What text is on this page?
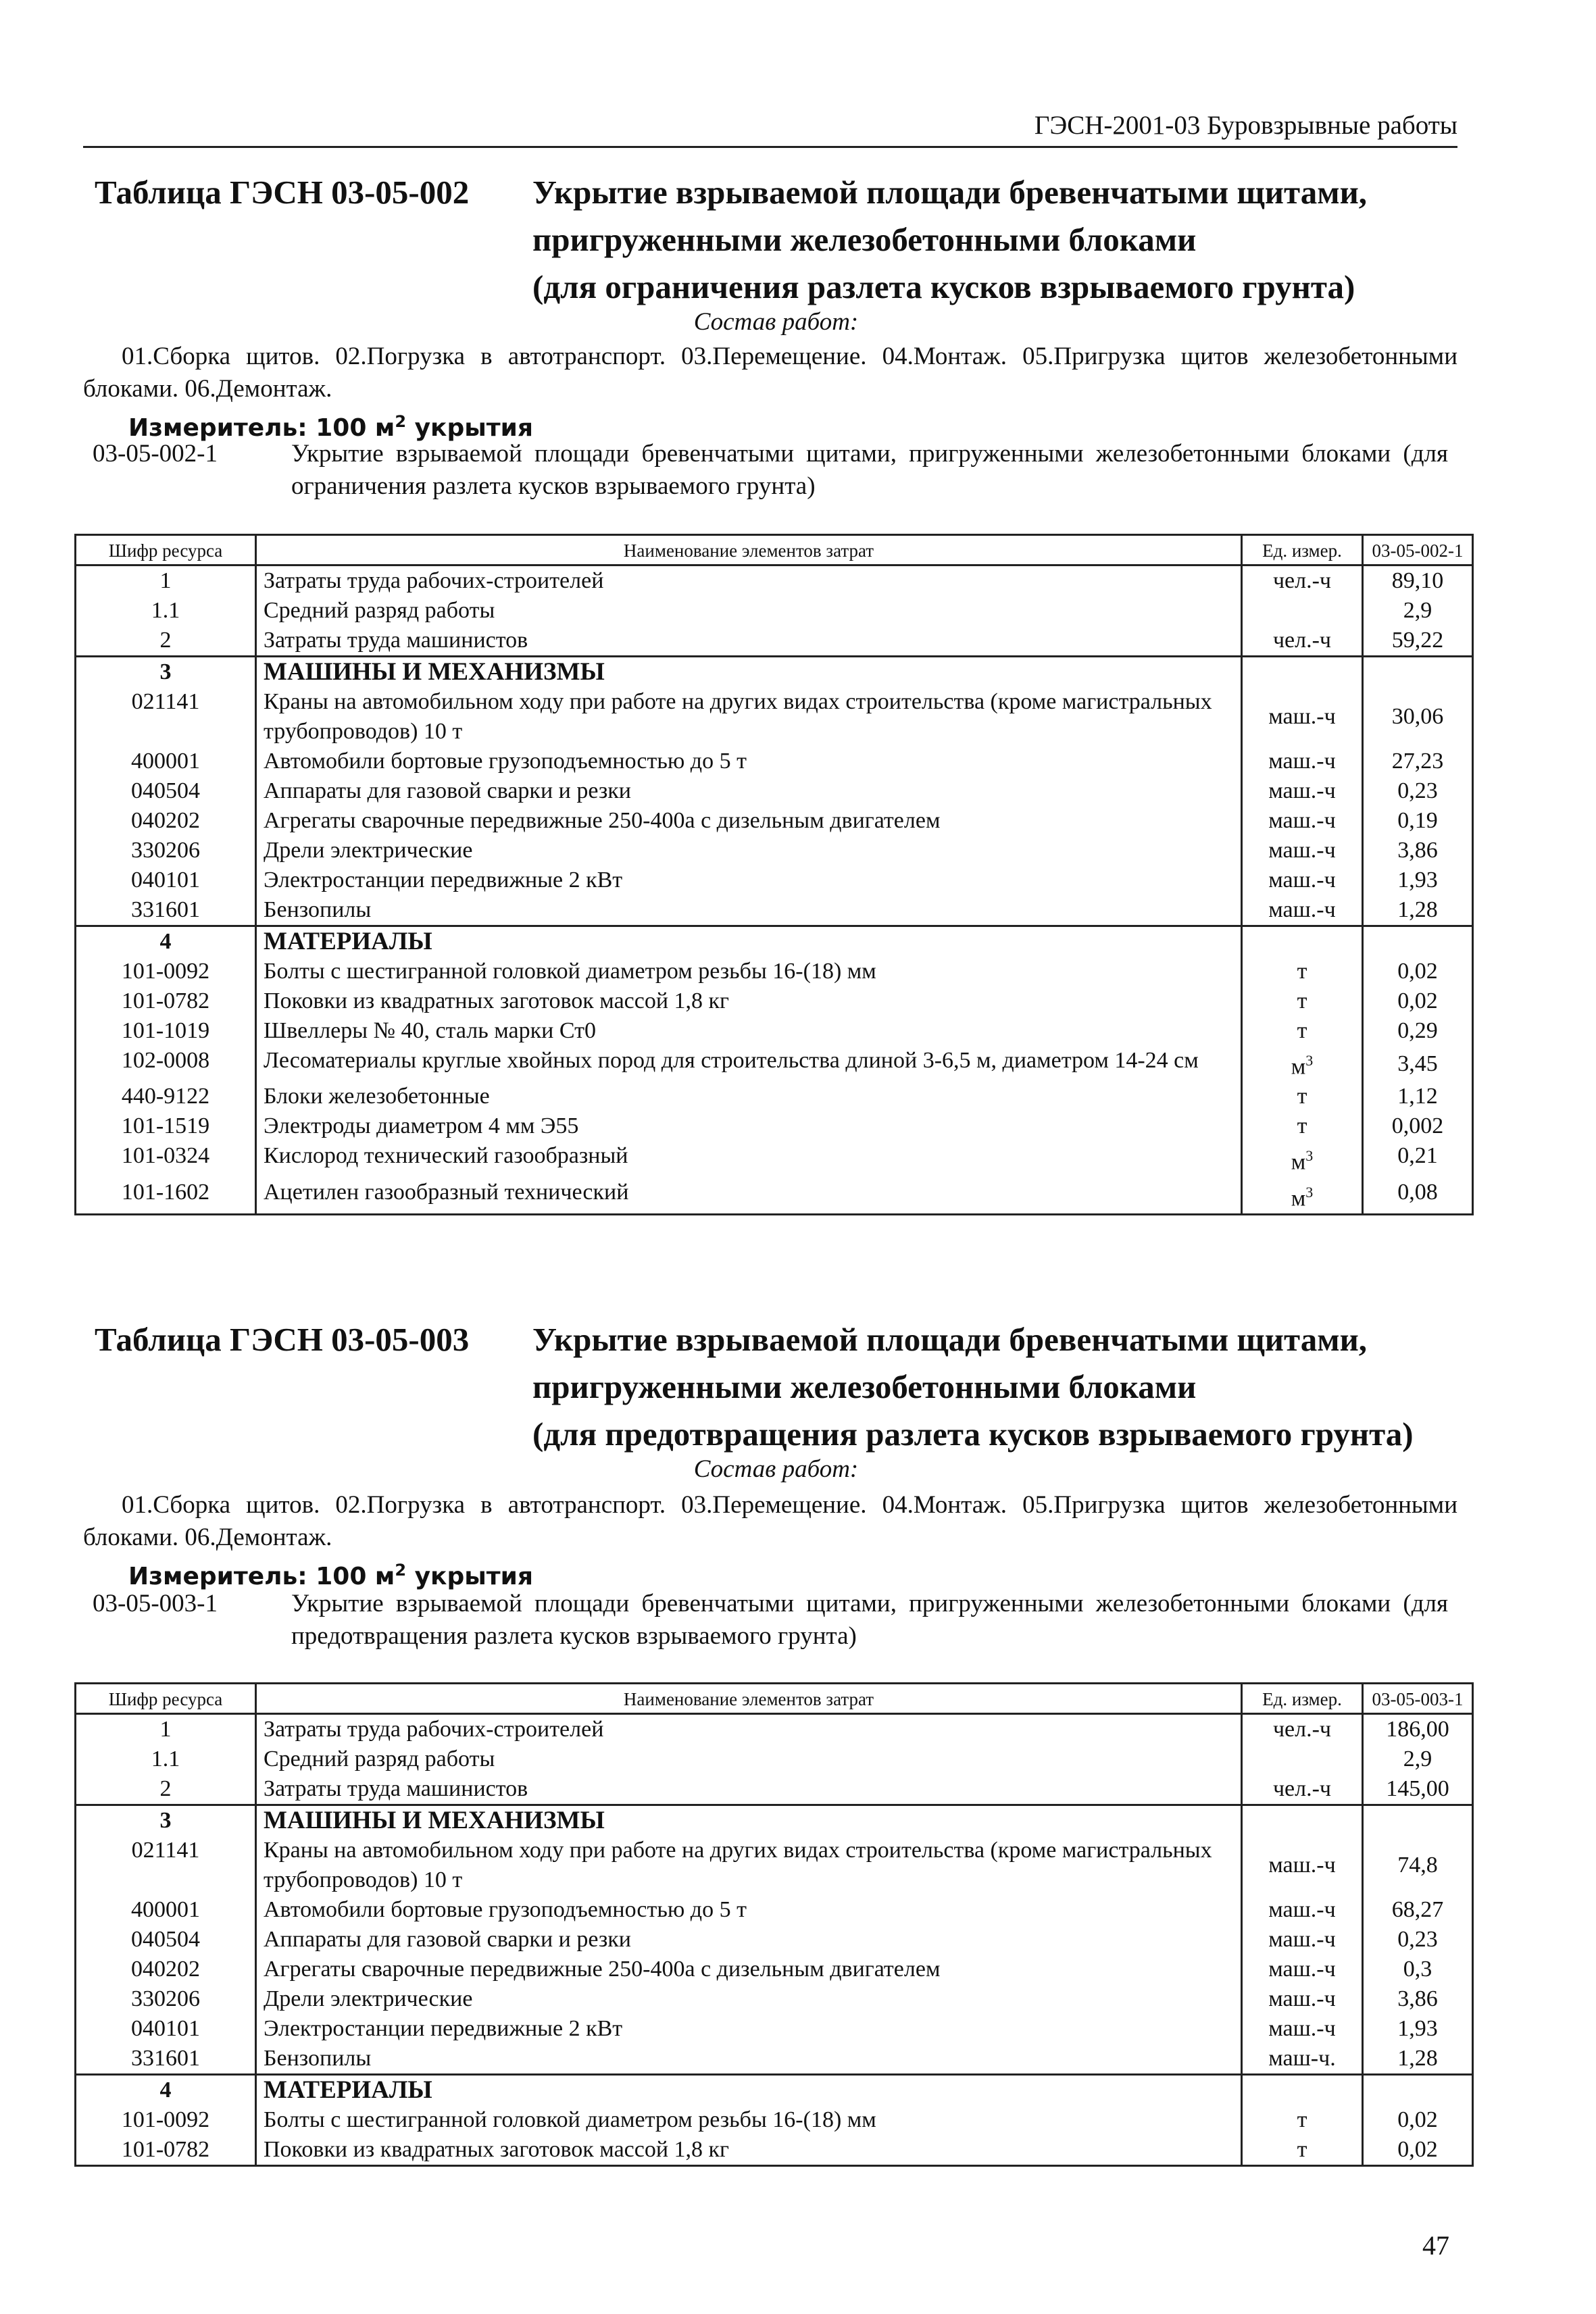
ГЭСН-2001-03 Буровзрывные работы
Таблица ГЭСН 03-05-002 Укрытие взрываемой площади бревенчатыми щитами,
пригруженными железобетонными блоками
(для ограничения разлета кусков взрываемого грунта)
Состав работ:
01.Сборка щитов. 02.Погрузка в автотранспорт. 03.Перемещение. 04.Монтаж. 05.Пригрузка щитов железобетонными блоками. 06.Демонтаж.
Измеритель: 100 $м^2$ укрытия
03-05-002-1	Укрытие взрываемой площади бревенчатыми щитами, пригруженными железобетонными блоками (для ограничения разлета кусков взрываемого грунта)
Шифр ресурса	Наименование элементов затрат	Ед. измер.	03-05-002-1
1	Затраты труда рабочих-строителей	чел.-ч	89,10
1.1	Средний разряд работы		2,9
2	Затраты труда машинистов	чел.-ч	59,22
3	МАШИНЫ И МЕХАНИЗМЫ		
021141	Краны на автомобильном ходу при работе на других видах строительства (кроме магистральных трубопроводов) 10 т	маш.-ч	30,06
400001	Автомобили бортовые грузоподъемностью до 5 т	маш.-ч	27,23
040504	Аппараты для газовой сварки и резки	маш.-ч	0,23
040202	Агрегаты сварочные передвижные 250-400а с дизельным двигателем	маш.-ч	0,19
330206	Дрели электрические	маш.-ч	3,86
040101	Электростанции передвижные 2 кВт	маш.-ч	1,93
331601	Бензопилы	маш.-ч	1,28
4	МАТЕРИАЛЫ		
101-0092	Болты с шестигранной головкой диаметром резьбы 16-(18) мм	т	0,02
101-0782	Поковки из квадратных заготовок массой 1,8 кг	т	0,02
101-1019	Швеллеры № 40, сталь марки Ст0	т	0,29
102-0008	Лесоматериалы круглые хвойных пород для строительства длиной 3-6,5 м, диаметром 14-24 см	$м^3$	3,45
440-9122	Блоки железобетонные	т	1,12
101-1519	Электроды диаметром 4 мм Э55	т	0,002
101-0324	Кислород технический газообразный	$м^3$	0,21
101-1602	Ацетилен газообразный технический	$м^3$	0,08
Таблица ГЭСН 03-05-003 Укрытие взрываемой площади бревенчатыми щитами,
пригруженными железобетонными блоками
(для предотвращения разлета кусков взрываемого грунта)
Состав работ:
01.Сборка щитов. 02.Погрузка в автотранспорт. 03.Перемещение. 04.Монтаж. 05.Пригрузка щитов железобетонными блоками. 06.Демонтаж.
Измеритель: 100 $м^2$ укрытия
03-05-003-1	Укрытие взрываемой площади бревенчатыми щитами, пригруженными железобетонными блоками (для предотвращения разлета кусков взрываемого грунта)
Шифр ресурса	Наименование элементов затрат	Ед. измер.	03-05-003-1
1	Затраты труда рабочих-строителей	чел.-ч	186,00
1.1	Средний разряд работы		2,9
2	Затраты труда машинистов	чел.-ч	145,00
3	МАШИНЫ И МЕХАНИЗМЫ		
021141	Краны на автомобильном ходу при работе на других видах строительства (кроме магистральных трубопроводов) 10 т	маш.-ч	74,8
400001	Автомобили бортовые грузоподъемностью до 5 т	маш.-ч	68,27
040504	Аппараты для газовой сварки и резки	маш.-ч	0,23
040202	Агрегаты сварочные передвижные 250-400а с дизельным двигателем	маш.-ч	0,3
330206	Дрели электрические	маш.-ч	3,86
040101	Электростанции передвижные 2 кВт	маш.-ч	1,93
331601	Бензопилы	маш-ч.	1,28
4	МАТЕРИАЛЫ		
101-0092	Болты с шестигранной головкой диаметром резьбы 16-(18) мм	т	0,02
101-0782	Поковки из квадратных заготовок массой 1,8 кг	т	0,02
47
